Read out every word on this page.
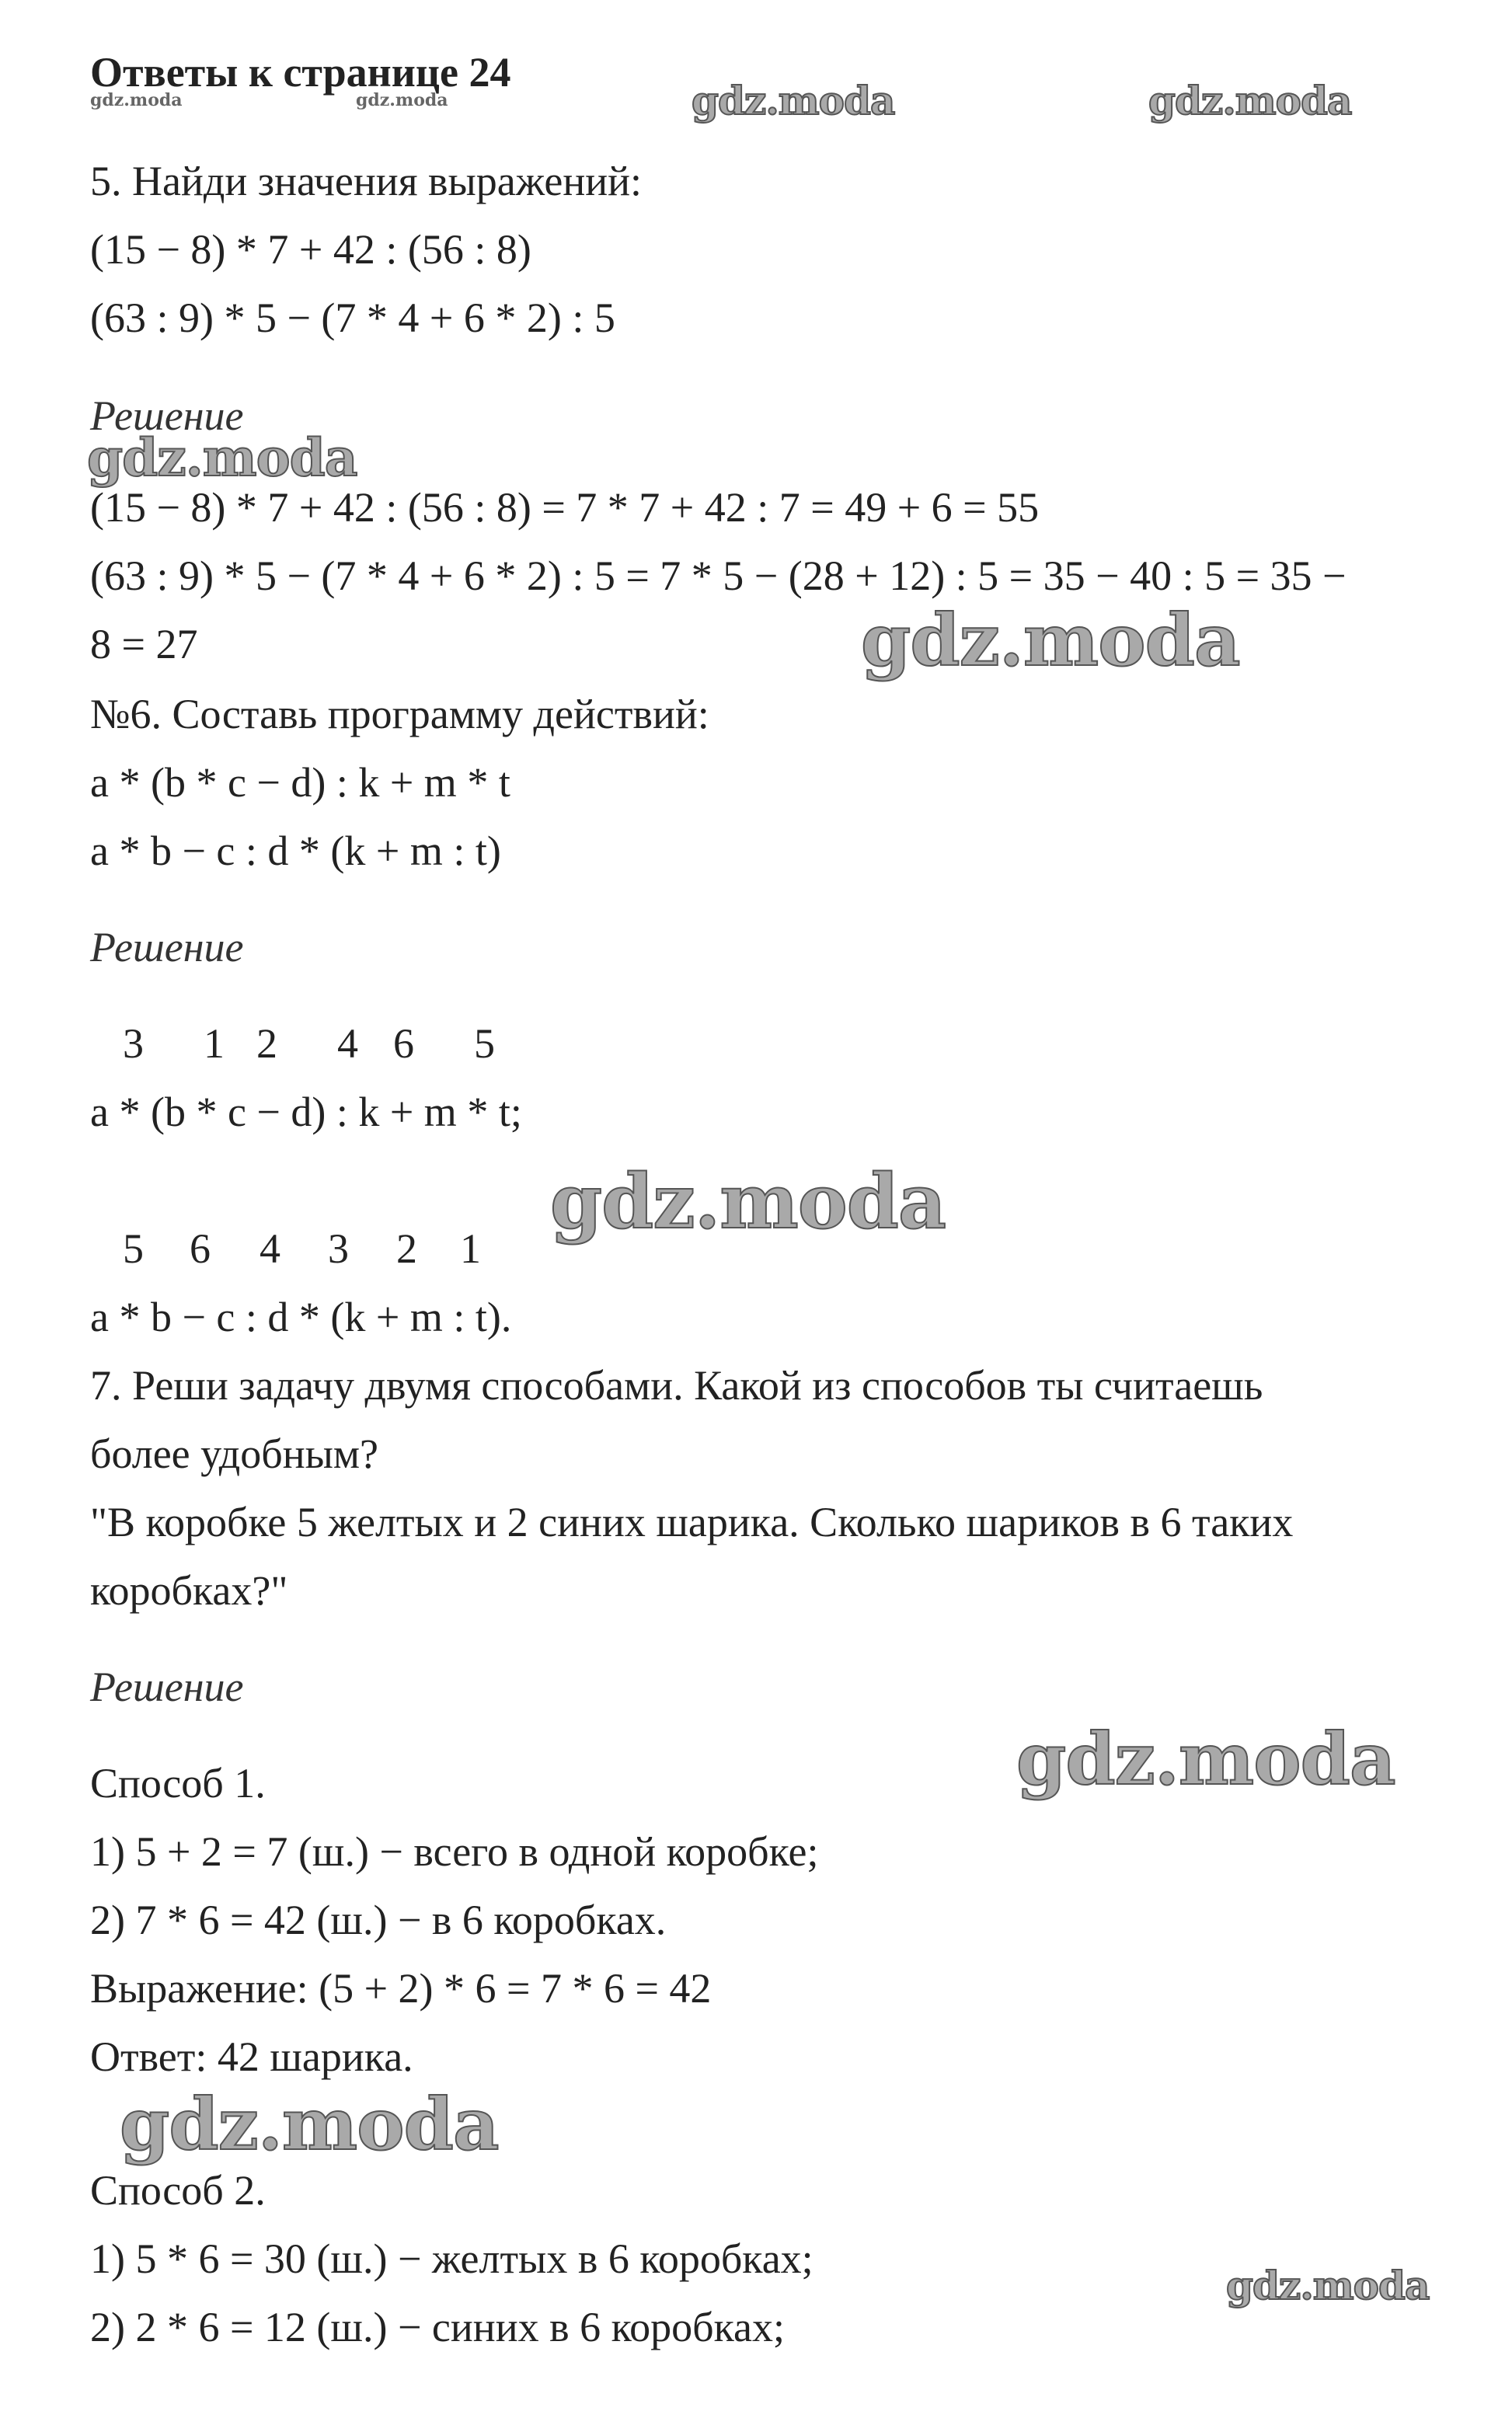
Ответы к странице 24
gdz.moda	gdz.moda	gdz.moda	gdz.moda
5. Найди значения выражений:
(15 − 8) * 7 + 42 : (56 : 8)
(63 : 9) * 5 − (7 * 4 + 6 * 2) : 5
Решение
gdz.moda
(15 − 8) * 7 + 42 : (56 : 8) = 7 * 7 + 42 : 7 = 49 + 6 = 55
(63 : 9) * 5 − (7 * 4 + 6 * 2) : 5 = 7 * 5 − (28 + 12) : 5 = 35 − 40 : 5 = 35 −
8 = 27	gdz.moda
№6. Составь программу действий:
a * (b * c − d) : k + m * t
a * b − c : d * (k + m : t)
Решение
3 1 2 4 6 5
a * (b * c − d) : k + m * t;
gdz.moda
5 6 4 3 2 1
a * b − c : d * (k + m : t).
7. Реши задачу двумя способами. Какой из способов ты считаешь
более удобным?
"В коробке 5 желтых и 2 синих шарика. Сколько шариков в 6 таких
коробках?"
Решение
gdz.moda
Способ 1.
1) 5 + 2 = 7 (ш.) − всего в одной коробке;
2) 7 * 6 = 42 (ш.) − в 6 коробках.
Выражение: (5 + 2) * 6 = 7 * 6 = 42
Ответ: 42 шарика.
gdz.moda
Способ 2.
1) 5 * 6 = 30 (ш.) − желтых в 6 коробках;
gdz.moda
2) 2 * 6 = 12 (ш.) − синих в 6 коробках;
